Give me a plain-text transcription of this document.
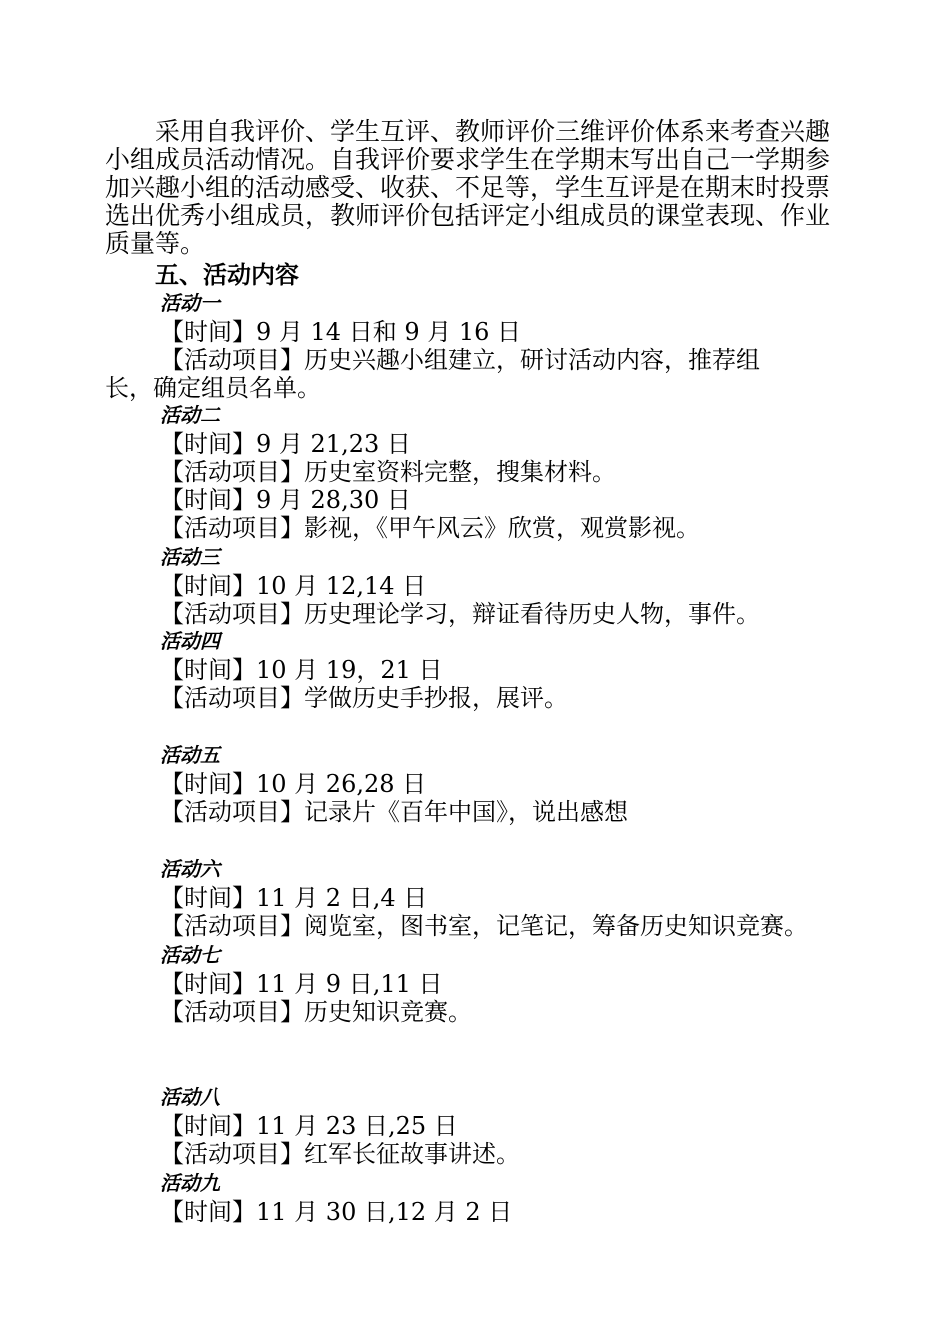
采用自我评价、学生互评、教师评价三维评价体系来考查兴趣小组成员活动情况。自我评价要求学生在学期末写出自己一学期参加兴趣小组的活动感受、收获、不足等，学生互评是在期末时投票选出优秀小组成员，教师评价包括评定小组成员的课堂表现、作业质量等。

五、活动内容
活动一
【时间】9 月 14 日和 9 月 16 日
【活动项目】历史兴趣小组建立，研讨活动内容，推荐组长，确定组员名单。
活动二
【时间】9 月 21,23 日
【活动项目】历史室资料完整，搜集材料。
【时间】9 月 28,30 日
【活动项目】影视，《甲午风云》欣赏，观赏影视。
活动三
【时间】10 月 12,14 日
【活动项目】历史理论学习，辩证看待历史人物，事件。
活动四
【时间】10 月 19，21 日
【活动项目】学做历史手抄报，展评。
活动五
【时间】10 月 26,28 日
【活动项目】记录片《百年中国》，说出感想
活动六
【时间】11 月 2 日,4 日
【活动项目】阅览室，图书室，记笔记，筹备历史知识竞赛。
活动七
【时间】11 月 9 日,11 日
【活动项目】历史知识竞赛。
活动八
【时间】11 月 23 日,25 日
【活动项目】红军长征故事讲述。
活动九
【时间】11 月 30 日,12 月 2 日
